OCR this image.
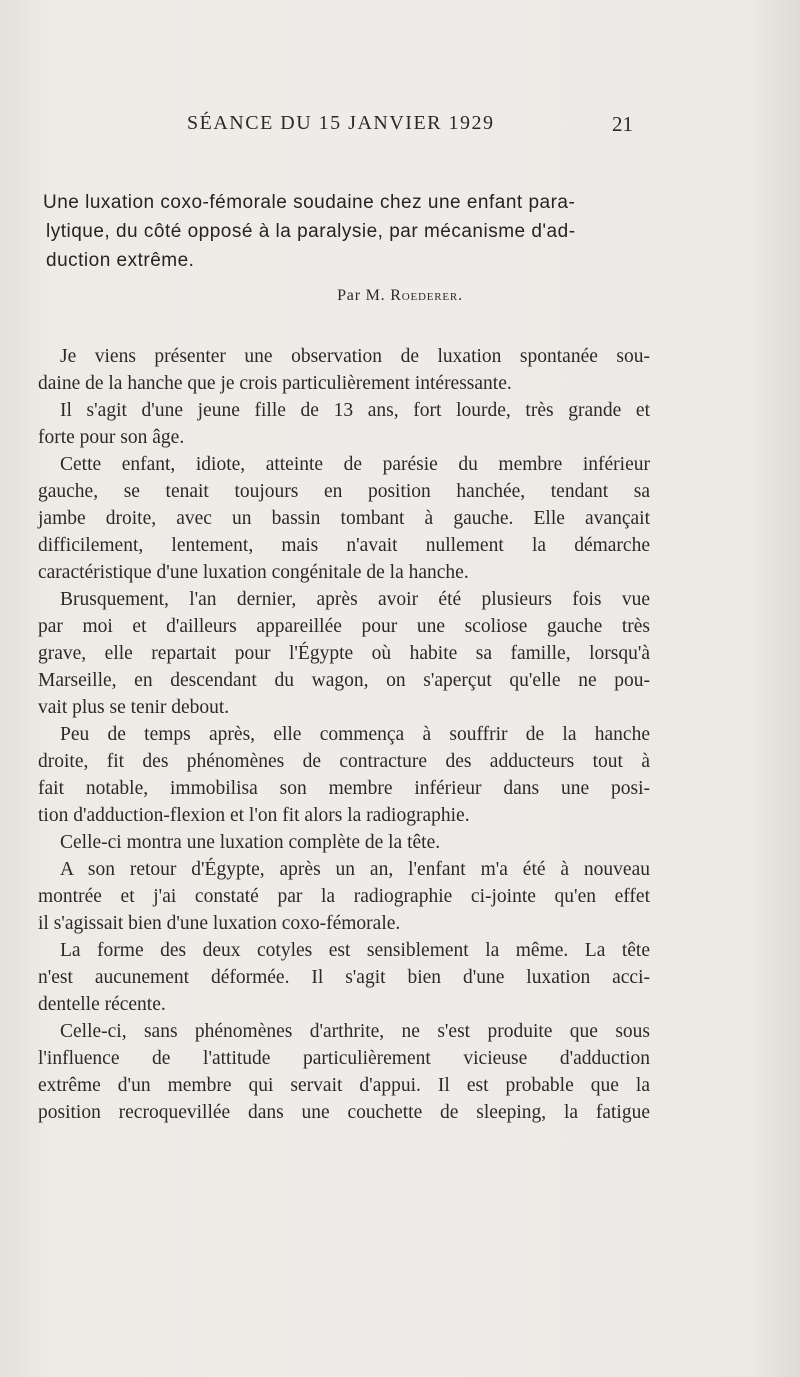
SÉANCE DU 15 JANVIER 1929	21
Une luxation coxo-fémorale soudaine chez une enfant para-
lytique, du côté opposé à la paralysie, par mécanisme d'ad-
duction extrême.
Par M. Roederer.
Je viens présenter une observation de luxation spontanée sou-
daine de la hanche que je crois particulièrement intéressante.
Il s'agit d'une jeune fille de 13 ans, fort lourde, très grande et
forte pour son âge.
Cette enfant, idiote, atteinte de parésie du membre inférieur
gauche, se tenait toujours en position hanchée, tendant sa
jambe droite, avec un bassin tombant à gauche. Elle avançait
difficilement, lentement, mais n'avait nullement la démarche
caractéristique d'une luxation congénitale de la hanche.
Brusquement, l'an dernier, après avoir été plusieurs fois vue
par moi et d'ailleurs appareillée pour une scoliose gauche très
grave, elle repartait pour l'Égypte où habite sa famille, lorsqu'à
Marseille, en descendant du wagon, on s'aperçut qu'elle ne pou-
vait plus se tenir debout.
Peu de temps après, elle commença à souffrir de la hanche
droite, fit des phénomènes de contracture des adducteurs tout à
fait notable, immobilisa son membre inférieur dans une posi-
tion d'adduction-flexion et l'on fit alors la radiographie.
Celle-ci montra une luxation complète de la tête.
A son retour d'Égypte, après un an, l'enfant m'a été à nouveau
montrée et j'ai constaté par la radiographie ci-jointe qu'en effet
il s'agissait bien d'une luxation coxo-fémorale.
La forme des deux cotyles est sensiblement la même. La tête
n'est aucunement déformée. Il s'agit bien d'une luxation acci-
dentelle récente.
Celle-ci, sans phénomènes d'arthrite, ne s'est produite que sous
l'influence de l'attitude particulièrement vicieuse d'adduction
extrême d'un membre qui servait d'appui. Il est probable que la
position recroquevillée dans une couchette de sleeping, la fatigue
